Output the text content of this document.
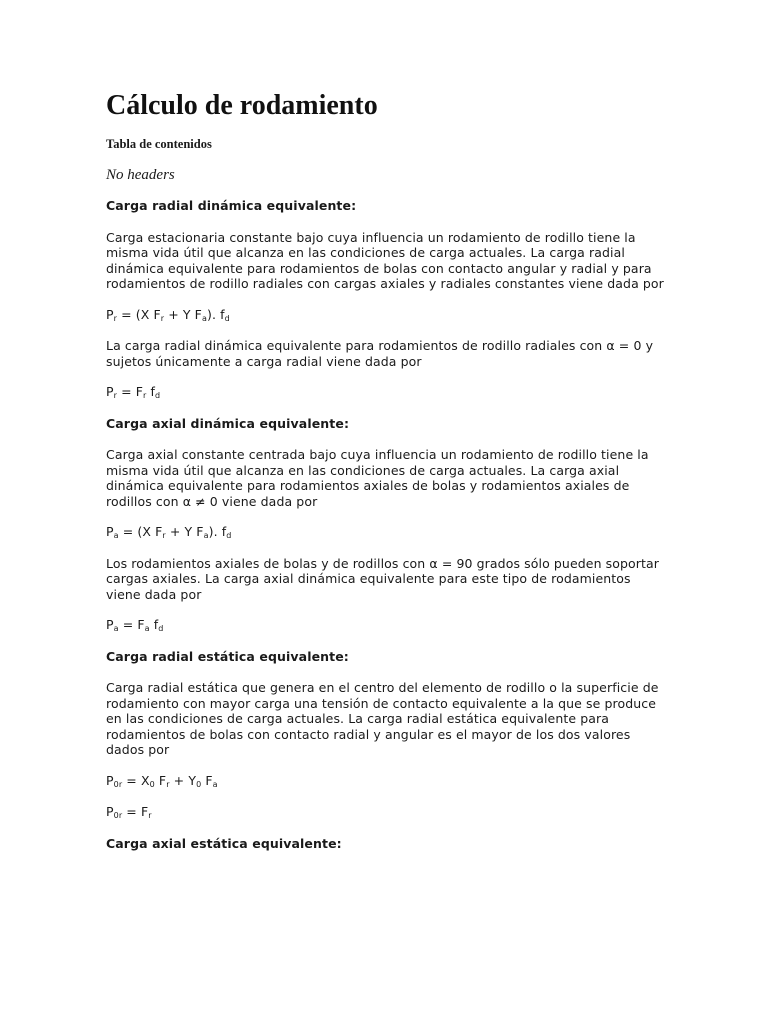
Cálculo de rodamiento
Tabla de contenidos
No headers

Carga radial dinámica equivalente:

Carga estacionaria constante bajo cuya influencia un rodamiento de rodillo tiene la misma vida útil que alcanza en las condiciones de carga actuales. La carga radial dinámica equivalente para rodamientos de bolas con contacto angular y radial y para rodamientos de rodillo radiales con cargas axiales y radiales constantes viene dada por

$P_r = (X$ $F_r + Y$ $F_a$). $f_d$

La carga radial dinámica equivalente para rodamientos de rodillo radiales con α = 0 y sujetos únicamente a carga radial viene dada por

$P_r = F_r$ $f_d$

Carga axial dinámica equivalente:

Carga axial constante centrada bajo cuya influencia un rodamiento de rodillo tiene la misma vida útil que alcanza en las condiciones de carga actuales. La carga axial dinámica equivalente para rodamientos axiales de bolas y rodamientos axiales de rodillos con α ≠ 0 viene dada por

$P_a = (X$ $F_r + Y$ $F_a$). $f_d$

Los rodamientos axiales de bolas y de rodillos con α = 90 grados sólo pueden soportar cargas axiales. La carga axial dinámica equivalente para este tipo de rodamientos viene dada por

$P_a = F_a$ $f_d$

Carga radial estática equivalente:

Carga radial estática que genera en el centro del elemento de rodillo o la superficie de rodamiento con mayor carga una tensión de contacto equivalente a la que se produce en las condiciones de carga actuales. La carga radial estática equivalente para rodamientos de bolas con contacto radial y angular es el mayor de los dos valores dados por

$P_{0r} = X_0$ $F_r + Y_0$ $F_a$

$P_{0r} = F_r$

Carga axial estática equivalente:
